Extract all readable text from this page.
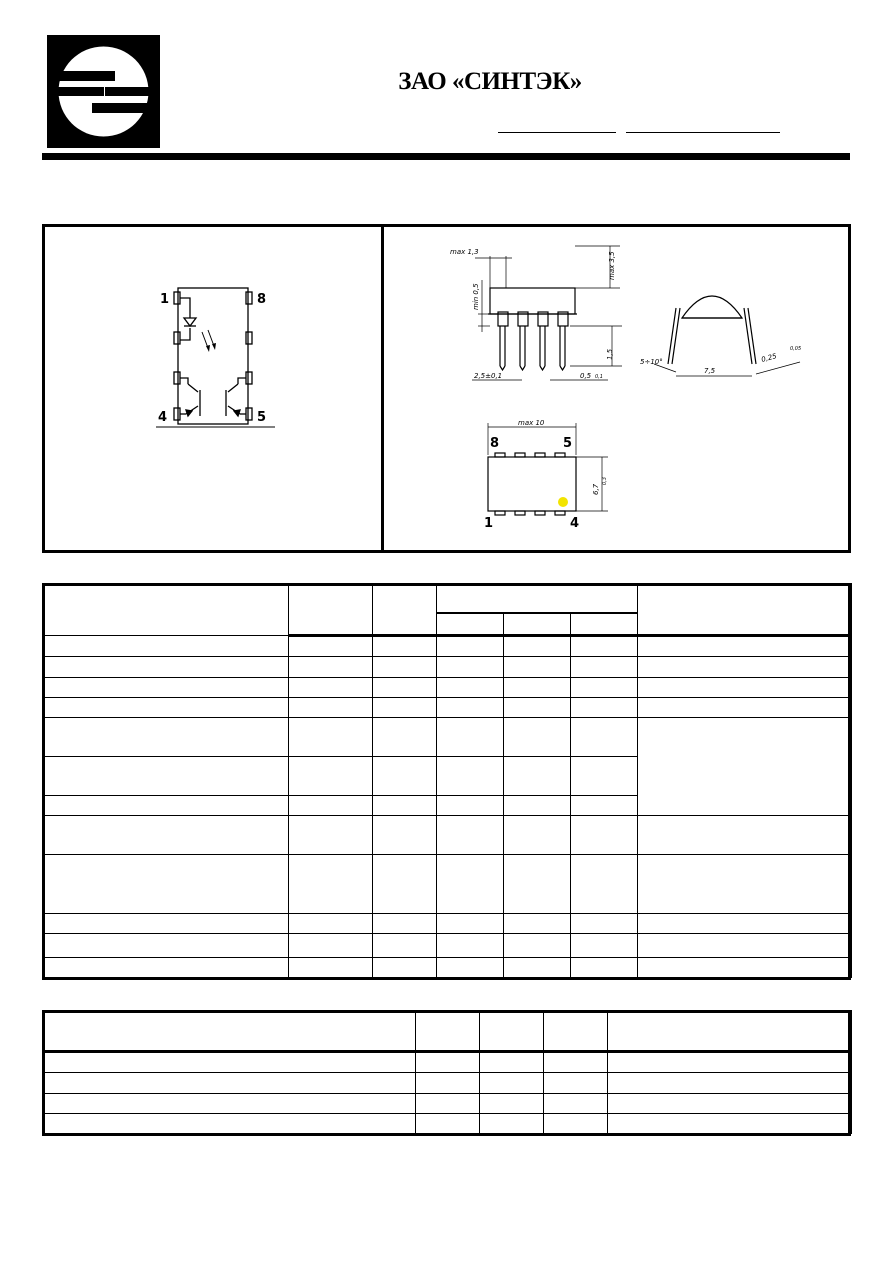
ЗАО «СИНТЭК»
1	8
4	5
max 1,3	max 3,5
min 0,5
2,5±0,1	0,5
1,5
0,1
5÷10°
7,5
0,25
0,05
max 10
6,7
0,3
8	5
1	4
